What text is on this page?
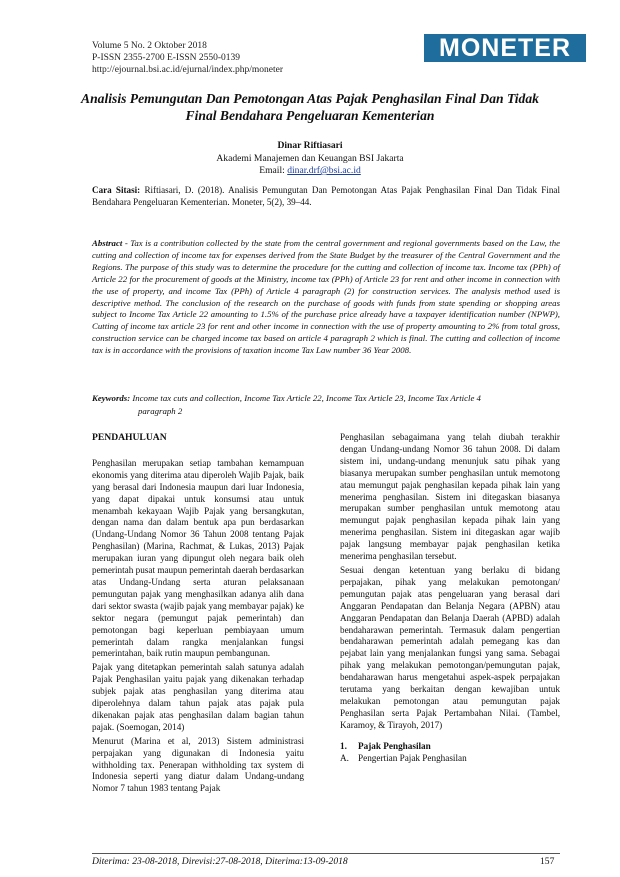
Volume 5 No. 2 Oktober 2018
P-ISSN 2355-2700 E-ISSN 2550-0139
http://ejournal.bsi.ac.id/ejurnal/index.php/moneter
MONETER
Analisis Pemungutan Dan Pemotongan Atas Pajak Penghasilan Final Dan Tidak Final Bendahara Pengeluaran Kementerian
Dinar Riftiasari
Akademi Manajemen dan Keuangan BSI Jakarta
Email: dinar.drf@bsi.ac.id
Cara Sitasi: Riftiasari, D. (2018). Analisis Pemungutan Dan Pemotongan Atas Pajak Penghasilan Final Dan Tidak Final Bendahara Pengeluaran Kementerian. Moneter, 5(2), 39–44.
Abstract - Tax is a contribution collected by the state from the central government and regional governments based on the Law, the cutting and collection of income tax for expenses derived from the State Budget by the treasurer of the Central Government and the Regions. The purpose of this study was to determine the procedure for the cutting and collection of income tax. Income tax (PPh) of Article 22 for the procurement of goods at the Ministry, income tax (PPh) of Article 23 for rent and other income in connection with the use of property, and income Tax (PPh) of Article 4 paragraph (2) for construction services. The analysis method used is descriptive method. The conclusion of the research on the purchase of goods with funds from state spending or shopping areas subject to Income Tax Article 22 amounting to 1.5% of the purchase price already have a taxpayer identification number (NPWP), Cutting of income tax article 23 for rent and other income in connection with the use of property amounting to 2% from total gross, construction service can be charged income tax based on article 4 paragraph 2 which is final. The cutting and collection of income tax is in accordance with the provisions of taxation income Tax Law number 36 Year 2008.
Keywords: Income tax cuts and collection, Income Tax Article 22, Income Tax Article 23, Income Tax Article 4
paragraph 2
PENDAHULUAN

Penghasilan merupakan setiap tambahan kemampuan ekonomis yang diterima atau diperoleh Wajib Pajak, baik yang berasal dari Indonesia maupun dari luar Indonesia, yang dapat dipakai untuk konsumsi atau untuk menambah kekayaan Wajib Pajak yang bersangkutan, dengan nama dan dalam bentuk apa pun berdasarkan (Undang-Undang Nomor 36 Tahun 2008 tentang Pajak Penghasilan) (Marina, Rachmat, & Lukas, 2013) Pajak merupakan iuran yang dipungut oleh negara baik oleh pemerintah pusat maupun pemerintah daerah berdasarkan atas Undang-Undang serta aturan pelaksanaan pemungutan pajak yang menghasilkan adanya alih dana dari sektor swasta (wajib pajak yang membayar pajak) ke sektor negara (pemungut pajak pemerintah) dan pemotongan bagi keperluan pembiayaan umum pemerintah dalam rangka menjalankan fungsi pemerintahan, baik rutin maupun pembangunan.

Pajak yang ditetapkan pemerintah salah satunya adalah Pajak Penghasilan yaitu pajak yang dikenakan terhadap subjek pajak atas penghasilan yang diterima atau diperolehnya dalam tahun pajak atas pajak pula dikenakan pajak atas penghasilan dalam bagian tahun pajak. (Soemogan, 2014)

Menurut (Marina et al, 2013) Sistem administrasi perpajakan yang digunakan di Indonesia yaitu withholding tax. Penerapan withholding tax system di Indonesia seperti yang diatur dalam Undang-undang Nomor 7 tahun 1983 tentang Pajak

Penghasilan sebagaimana yang telah diubah terakhir dengan Undang-undang Nomor 36 tahun 2008. Di dalam sistem ini, undang-undang menunjuk satu pihak yang biasanya merupakan sumber penghasilan untuk memotong atau memungut pajak penghasilan kepada pihak lain yang menerima penghasilan. Sistem ini ditegaskan biasanya merupakan sumber penghasilan untuk memotong atau memungut pajak penghasilan kepada pihak lain yang menerima penghasilan. Sistem ini ditegaskan agar wajib pajak langsung membayar pajak penghasilan ketika menerima penghasilan tersebut.

Sesuai dengan ketentuan yang berlaku di bidang perpajakan, pihak yang melakukan pemotongan/ pemungutan pajak atas pengeluaran yang berasal dari Anggaran Pendapatan dan Belanja Negara (APBN) atau Anggaran Pendapatan dan Belanja Daerah (APBD) adalah bendaharawan pemerintah. Termasuk dalam pengertian bendaharawan pemerintah adalah pemegang kas dan pejabat lain yang menjalankan fungsi yang sama. Sebagai pihak yang melakukan pemotongan/pemungutan pajak, bendaharawan harus mengetahui aspek-aspek perpajakan terutama yang berkaitan dengan kewajiban untuk melakukan pemotongan atau pemungutan pajak Penghasilan serta Pajak Pertambahan Nilai. (Tambel, Karamoy, & Tirayoh, 2017)

1. Pajak Penghasilan
A. Pengertian Pajak Penghasilan
Diterima: 23-08-2018, Direvisi:27-08-2018, Diterima:13-09-2018	157
